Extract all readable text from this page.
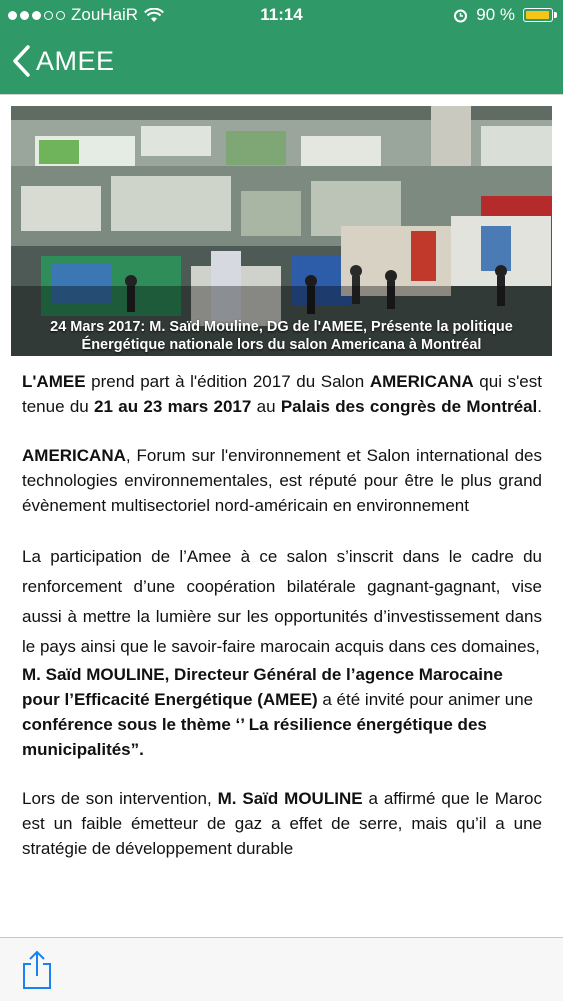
ZouHaiR	11:14	90 %
AMEE
24 Mars 2017: M. Saïd Mouline, DG de l'AMEE, Présente la politique Énergétique nationale lors du salon Americana à Montréal

L'AMEE prend part à l'édition 2017 du Salon AMERICANA qui s'est tenue du 21 au 23 mars 2017 au Palais des congrès de Montréal.

AMERICANA, Forum sur l'environnement et Salon international des technologies environnementales, est réputé pour être le plus grand évènement multisectoriel nord-américain en environnement

La participation de l’Amee à ce salon s’inscrit dans le cadre du renforcement d’une coopération bilatérale gagnant-gagnant, vise aussi à mettre la lumière sur les opportunités d’investissement dans le pays ainsi que le savoir-faire marocain acquis dans ces domaines,

M. Saïd MOULINE, Directeur Général de l’agence Marocaine pour l’Efficacité Energétique (AMEE) a été invité pour animer une conférence sous le thème ‘’ La résilience énergétique des municipalités”.

Lors de son intervention, M. Saïd MOULINE a affirmé que le Maroc est un faible émetteur de gaz a effet de serre, mais qu’il a une stratégie de développement durable
